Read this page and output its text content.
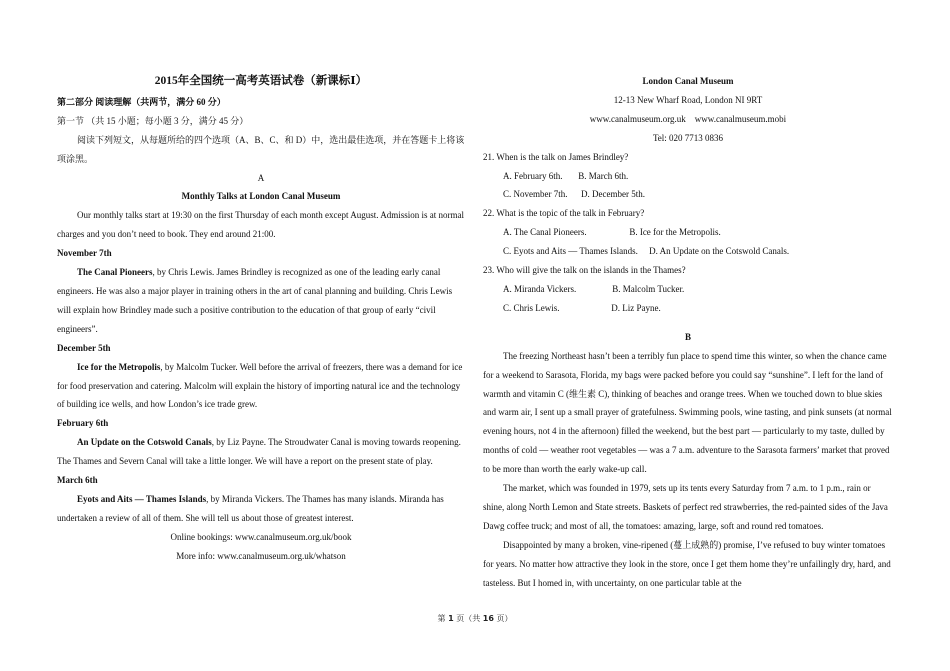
2015年全国统一高考英语试卷（新课标Ⅰ）

第二部分 阅读理解（共两节，满分 60 分）

第一节 （共 15 小题；每小题 3 分，满分 45 分）

阅读下列短文，从每题所给的四个选项（A、B、C、和 D）中，选出最佳选项，并在答题卡上将该项涂黑。

A

Monthly Talks at London Canal Museum

Our monthly talks start at 19:30 on the first Thursday of each month except August. Admission is at normal charges and you don’t need to book. They end around 21:00.

November 7th

The Canal Pioneers, by Chris Lewis. James Brindley is recognized as one of the leading early canal engineers. He was also a major player in training others in the art of canal planning and building. Chris Lewis will explain how Brindley made such a positive contribution to the education of that group of early “civil engineers”.

December 5th

Ice for the Metropolis, by Malcolm Tucker. Well before the arrival of freezers, there was a demand for ice for food preservation and catering. Malcolm will explain the history of importing natural ice and the technology of building ice wells, and how London’s ice trade grew.

February 6th

An Update on the Cotswold Canals, by Liz Payne. The Stroudwater Canal is moving towards reopening. The Thames and Severn Canal will take a little longer. We will have a report on the present state of play.

March 6th

Eyots and Aits — Thames Islands, by Miranda Vickers. The Thames has many islands. Miranda has undertaken a review of all of them. She will tell us about those of greatest interest.

Online bookings: www.canalmuseum.org.uk/book

More info: www.canalmuseum.org.uk/whatson

London Canal Museum

12-13 New Wharf Road, London NI 9RT

www.canalmuseum.org.uk    www.canalmuseum.mobi

Tel: 020 7713 0836

21. When is the talk on James Brindley?

A. February 6th.       B. March 6th.

C. November 7th.      D. December 5th.

22. What is the topic of the talk in February?

A. The Canal Pioneers.                   B. Ice for the Metropolis.

C. Eyots and Aits — Thames Islands.     D. An Update on the Cotswold Canals.

23. Who will give the talk on the islands in the Thames?

A. Miranda Vickers.                B. Malcolm Tucker.

C. Chris Lewis.                       D. Liz Payne.

B

The freezing Northeast hasn’t been a terribly fun place to spend time this winter, so when the chance came for a weekend to Sarasota, Florida, my bags were packed before you could say “sunshine”. I left for the land of warmth and vitamin C (维生素 C), thinking of beaches and orange trees. When we touched down to blue skies and warm air, I sent up a small prayer of gratefulness. Swimming pools, wine tasting, and pink sunsets (at normal evening hours, not 4 in the afternoon) filled the weekend, but the best part — particularly to my taste, dulled by months of cold — weather root vegetables — was a 7 a.m. adventure to the Sarasota farmers’ market that proved to be more than worth the early wake-up call.

The market, which was founded in 1979, sets up its tents every Saturday from 7 a.m. to 1 p.m., rain or shine, along North Lemon and State streets. Baskets of perfect red strawberries, the red-painted sides of the Java Dawg coffee truck; and most of all, the tomatoes: amazing, large, soft and round red tomatoes.

Disappointed by many a broken, vine-ripened (蔓上成熟的) promise, I’ve refused to buy winter tomatoes for years. No matter how attractive they look in the store, once I get them home they’re unfailingly dry, hard, and tasteless. But I homed in, with uncertainty, on one particular table at the

第 1 页（共 16 页）
